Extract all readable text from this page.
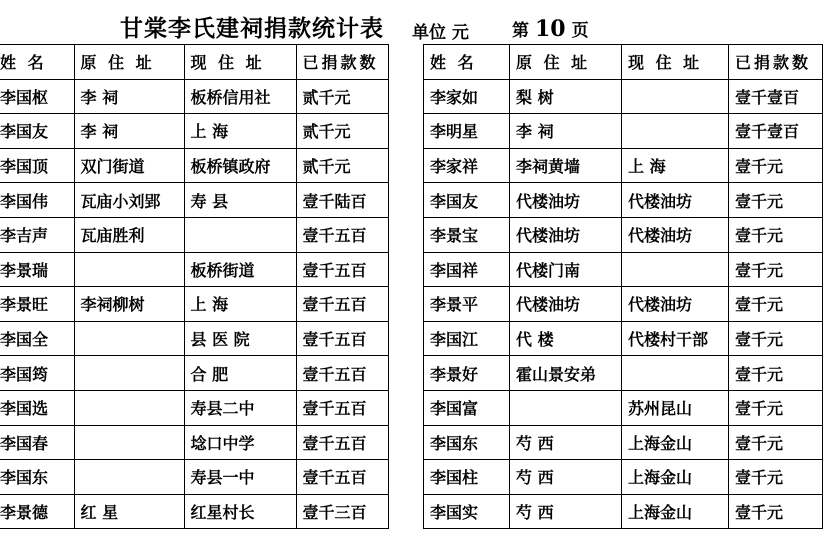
甘棠李氏建祠捐款统计表 单位 元	第 10 页
姓 名	原 住 址	现 住 址	已捐款数
李国枢	李 祠	板桥信用社	贰千元
李国友	李 祠	上 海	贰千元
李国顶	双门街道	板桥镇政府	贰千元
李国伟	瓦庙小刘郢	寿 县	壹千陆百
李吉声	瓦庙胜利		壹千五百
李景瑞		板桥街道	壹千五百
李景旺	李祠柳树	上 海	壹千五百
李国全		县 医 院	壹千五百
李国筠		合 肥	壹千五百
李国选		寿县二中	壹千五百
李国春		埝口中学	壹千五百
李国东		寿县一中	壹千五百
李景德	红 星	红星村长	壹千三百
姓 名	原 住 址	现 住 址	已捐款数
李家如	梨 树		壹千壹百
李明星	李 祠		壹千壹百
李家祥	李祠黄墙	上 海	壹千元
李国友	代楼油坊	代楼油坊	壹千元
李景宝	代楼油坊	代楼油坊	壹千元
李国祥	代楼门南		壹千元
李景平	代楼油坊	代楼油坊	壹千元
李国江	代 楼	代楼村干部	壹千元
李景好	霍山景安弟		壹千元
李国富		苏州昆山	壹千元
李国东	芍 西	上海金山	壹千元
李国柱	芍 西	上海金山	壹千元
李国实	芍 西	上海金山	壹千元
